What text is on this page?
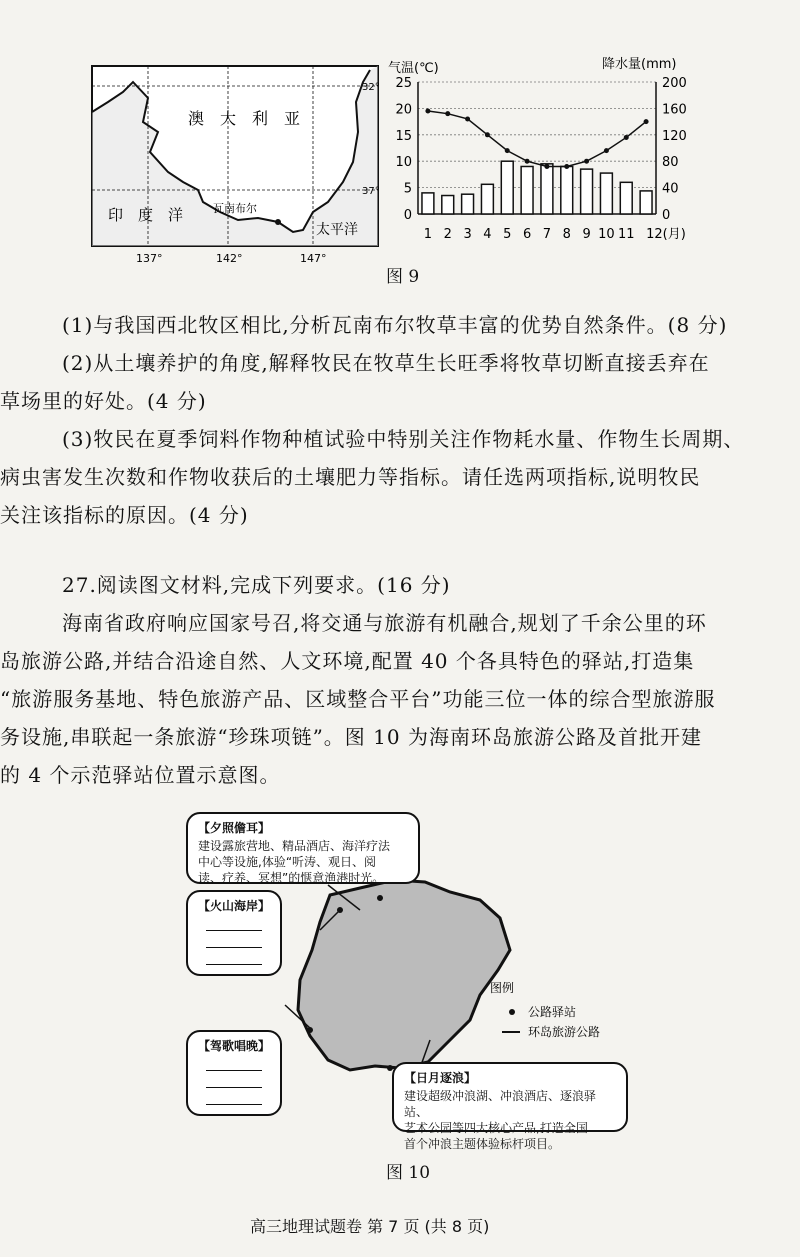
澳　大　利　亚
印　度　洋
太平洋
瓦南布尔
32°
37°
137°	142°	147°
0
5
10
15
20
25
0
40
80
120
160
200
气温(℃)	降水量(mm)
1 2 3 4 5 6 7 8 9 10 11 12(月)
图 9
(1)与我国西北牧区相比,分析瓦南布尔牧草丰富的优势自然条件。(8 分)
(2)从土壤养护的角度,解释牧民在牧草生长旺季将牧草切断直接丢弃在
草场里的好处。(4 分)
(3)牧民在夏季饲料作物种植试验中特别关注作物耗水量、作物生长周期、
病虫害发生次数和作物收获后的土壤肥力等指标。请任选两项指标,说明牧民
关注该指标的原因。(4 分)
27.阅读图文材料,完成下列要求。(16 分)
海南省政府响应国家号召,将交通与旅游有机融合,规划了千余公里的环
岛旅游公路,并结合沿途自然、人文环境,配置 40 个各具特色的驿站,打造集
“旅游服务基地、特色旅游产品、区域整合平台”功能三位一体的综合型旅游服
务设施,串联起一条旅游“珍珠项链”。图 10 为海南环岛旅游公路及首批开建
的 4 个示范驿站位置示意图。
图例
公路驿站
环岛旅游公路
【夕照儋耳】
建设露旅营地、精品酒店、海洋疗法
中心等设施,体验“听涛、观日、阅
读、疗养、冥想”的惬意渔港时光。
【火山海岸】
【驾歌唱晚】
【日月逐浪】
建设超级冲浪湖、冲浪酒店、逐浪驿站、
艺术公园等四大核心产品,打造全国
首个冲浪主题体验标杆项目。
图 10
高三地理试题卷 第 7 页 (共 8 页)
